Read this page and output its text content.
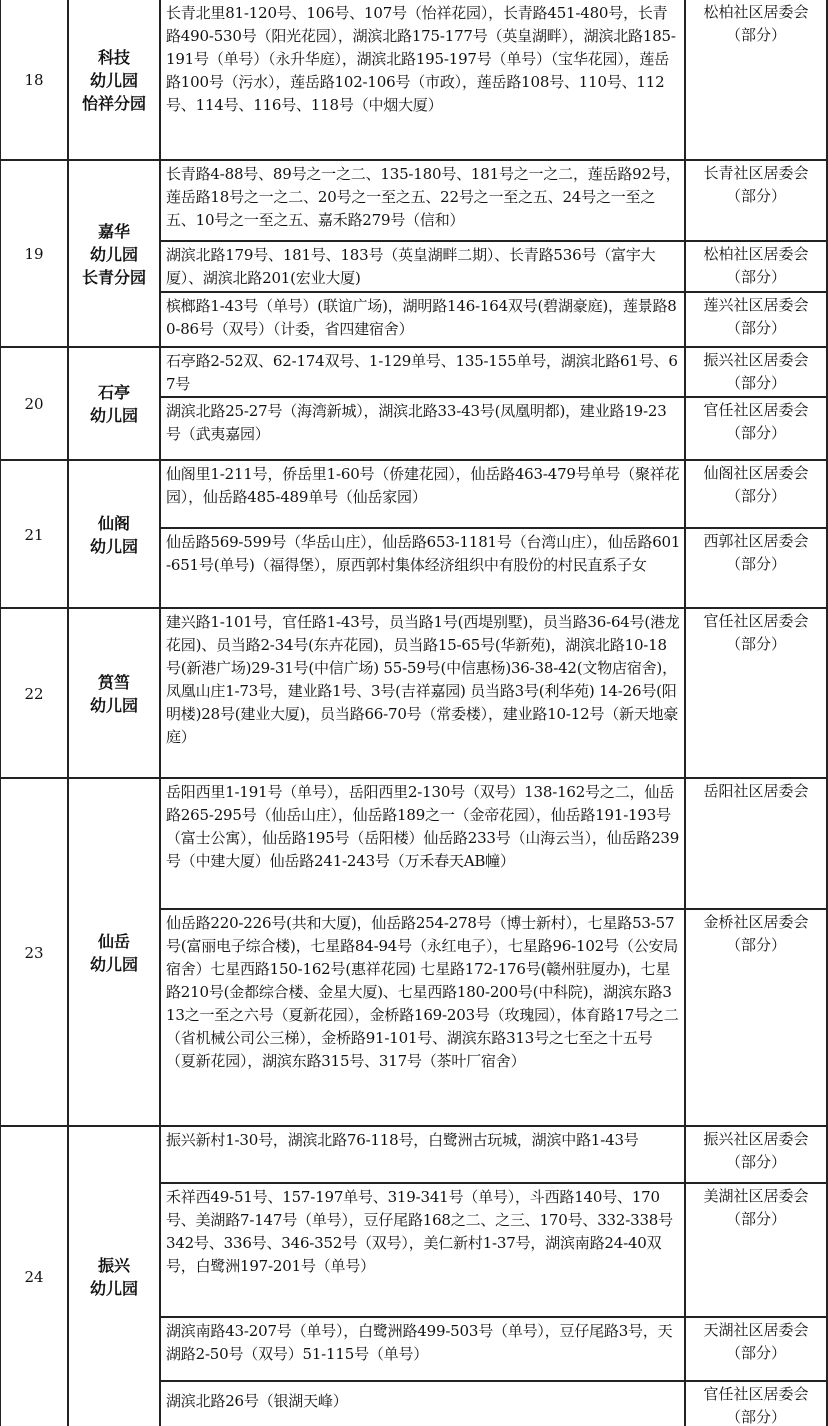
18
科技
幼儿园
怡祥分园
长青北里81-120号、106号、107号（怡祥花园），长青路451-480号，长青路490-530号（阳光花园），湖滨北路175-177号（英皇湖畔），湖滨北路185-191号（单号）（永升华庭），湖滨北路195-197号（单号）（宝华花园），莲岳路100号（污水），莲岳路102-106号（市政），莲岳路108号、110号、112号、114号、116号、118号（中烟大厦）
松柏社区居委会
（部分）
19
嘉华
幼儿园
长青分园
长青路4-88号、89号之一之二、135-180号、181号之一之二，莲岳路92号，莲岳路18号之一之二、20号之一至之五、22号之一至之五、24号之一至之五、10号之一至之五、嘉禾路279号（信和）
长青社区居委会
（部分）
湖滨北路179号、181号、183号（英皇湖畔二期）、长青路536号（富宇大厦）、湖滨北路201(宏业大厦)
松柏社区居委会
（部分）
槟榔路1-43号（单号）(联谊广场)，湖明路146-164双号(碧湖豪庭)，莲景路80-86号（双号）（计委，省四建宿舍）
莲兴社区居委会
（部分）
20
石亭
幼儿园
石亭路2-52双、62-174双号、1-129单号、135-155单号，湖滨北路61号、67号
振兴社区居委会
（部分）
湖滨北路25-27号（海湾新城），湖滨北路33-43号(凤凰明都)，建业路19-23号（武夷嘉园）
官任社区居委会
（部分）
21
仙阁
幼儿园
仙阁里1-211号，侨岳里1-60号（侨建花园），仙岳路463-479号单号（聚祥花园），仙岳路485-489单号（仙岳家园）
仙阁社区居委会
（部分）
仙岳路569-599号（华岳山庄），仙岳路653-1181号（台湾山庄），仙岳路601-651号(单号)（福得堡），原西郭村集体经济组织中有股份的村民直系子女
西郭社区居委会
（部分）
22
筼筜
幼儿园
建兴路1-101号，官任路1-43号，员当路1号(西堤别墅)，员当路36-64号(港龙花园)、员当路2-34号(东卉花园)，员当路15-65号(华新苑)，湖滨北路10-18号(新港广场)29-31号(中信广场) 55-59号(中信惠杨)36-38-42(文物店宿舍)，凤凰山庄1-73号，建业路1号、3号(吉祥嘉园) 员当路3号(利华苑) 14-26号(阳明楼)28号(建业大厦)，员当路66-70号（常委楼），建业路10-12号（新天地豪庭）
官任社区居委会
（部分）
23
仙岳
幼儿园
岳阳西里1-191号（单号），岳阳西里2-130号（双号）138-162号之二，仙岳路265-295号（仙岳山庄），仙岳路189之一（金帝花园），仙岳路191-193号（富士公寓），仙岳路195号（岳阳楼）仙岳路233号（山海云当），仙岳路239号（中建大厦）仙岳路241-243号（万禾春天AB幢）
岳阳社区居委会
仙岳路220-226号(共和大厦)，仙岳路254-278号（博士新村），七星路53-57号(富丽电子综合楼)，七星路84-94号（永红电子），七星路96-102号（公安局宿舍）七星西路150-162号(惠祥花园) 七星路172-176号(赣州驻厦办)，七星路210号(金都综合楼、金星大厦)、七星西路180-200号(中科院)，湖滨东路313之一至之六号（夏新花园），金桥路169-203号（玫瑰园），体育路17号之二（省机械公司公三梯），金桥路91-101号、湖滨东路313号之七至之十五号（夏新花园），湖滨东路315号、317号（茶叶厂宿舍）
金桥社区居委会
（部分）
24
振兴
幼儿园
振兴新村1-30号，湖滨北路76-118号，白鹭洲古玩城，湖滨中路1-43号	振兴社区居委会
（部分）
禾祥西49-51号、157-197单号、319-341号（单号），斗西路140号、170号、美湖路7-147号（单号），豆仔尾路168之二、之三、170号、332-338号342号、336号、346-352号（双号），美仁新村1-37号，湖滨南路24-40双号，白鹭洲197-201号（单号）
美湖社区居委会
（部分）
湖滨南路43-207号（单号），白鹭洲路499-503号（单号），豆仔尾路3号，天湖路2-50号（双号）51-115号（单号）
天湖社区居委会
（部分）
湖滨北路26号（银湖天峰）	官任社区居委会
（部分）
